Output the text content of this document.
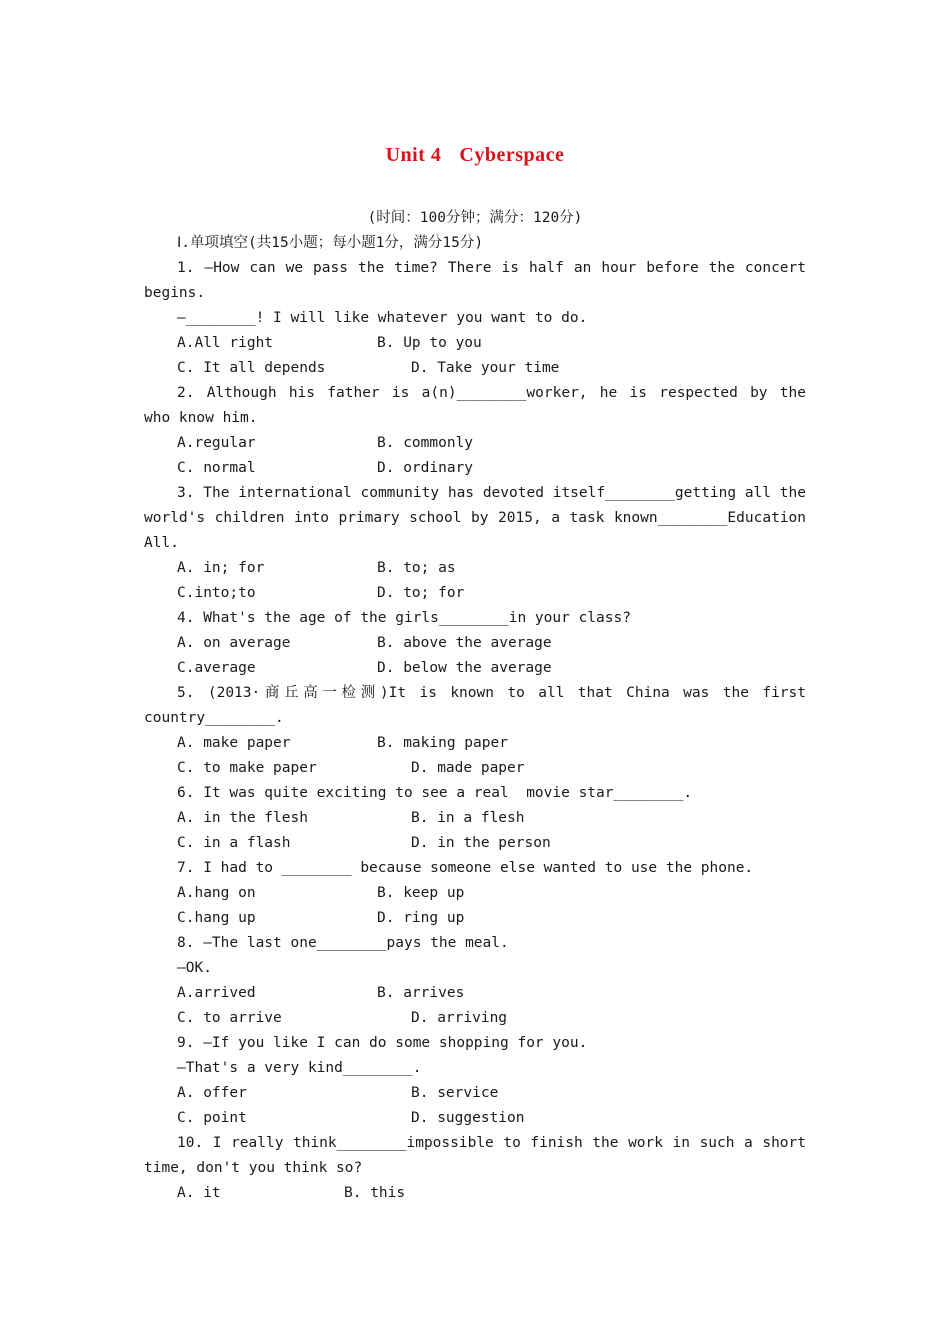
Unit 4 Cyberspace
(时间：100分钟；满分：120分)
Ⅰ.单项填空(共15小题；每小题1分，满分15分)
1. —How can we pass the time? There is half an hour before the concert
begins.
—________! I will like whatever you want to do.
A.All right	B. Up to you
C. It all depends	D. Take your time
2. Although his father is a(n)________worker, he is respected by the
who know him.
A.regular	B. commonly
C. normal	D. ordinary
3. The international community has devoted itself________getting all the
world's children into primary school by 2015, a task known________Education
All.
A. in; for	B. to; as
C.into;to	D. to; for
4. What's the age of the girls________in your class?
A. on average	B. above the average
C.average	D. below the average
5. (2013·商丘高一检测)It is known to all that China was the first
country________.
A. make paper	B. making paper
C. to make paper	D. made paper
6. It was quite exciting to see a real  movie star________.
A. in the flesh	B. in a flesh
C. in a flash	D. in the person
7. I had to ________ because someone else wanted to use the phone.
A.hang on	B. keep up
C.hang up	D. ring up
8. —The last one________pays the meal.
—OK.
A.arrived	B. arrives
C. to arrive	D. arriving
9. —If you like I can do some shopping for you.
—That's a very kind________.
A. offer	B. service
C. point	D. suggestion
10. I really think________impossible to finish the work in such a short
time, don't you think so?
A. it	B. this
